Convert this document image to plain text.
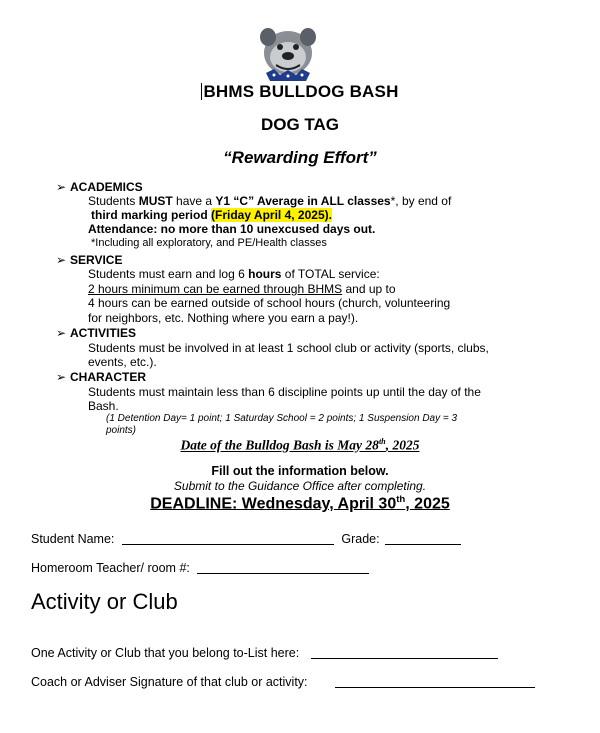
BHMS BULLDOG BASH
DOG TAG
“Rewarding Effort”
➢ ACADEMICS
Students MUST have a Y1 “C” Average in ALL classes*, by end of
third marking period (Friday April 4, 2025).
Attendance: no more than 10 unexcused days out.
*Including all exploratory, and PE/Health classes
➢ SERVICE
Students must earn and log 6 hours of TOTAL service:
2 hours minimum can be earned through BHMS and up to
4 hours can be earned outside of school hours (church, volunteering
for neighbors, etc. Nothing where you earn a pay!).
➢ ACTIVITIES
Students must be involved in at least 1 school club or activity (sports, clubs,
events, etc.).
➢ CHARACTER
Students must maintain less than 6 discipline points up until the day of the
Bash.
(1 Detention Day= 1 point; 1 Saturday School = 2 points; 1 Suspension Day = 3
points)
Date of the Bulldog Bash is May 28th, 2025
Fill out the information below.
Submit to the Guidance Office after completing.
DEADLINE: Wednesday, April 30th, 2025
Student Name:	Grade:
Homeroom Teacher/ room #:
Activity or Club
One Activity or Club that you belong to-List here:
Coach or Adviser Signature of that club or activity:
